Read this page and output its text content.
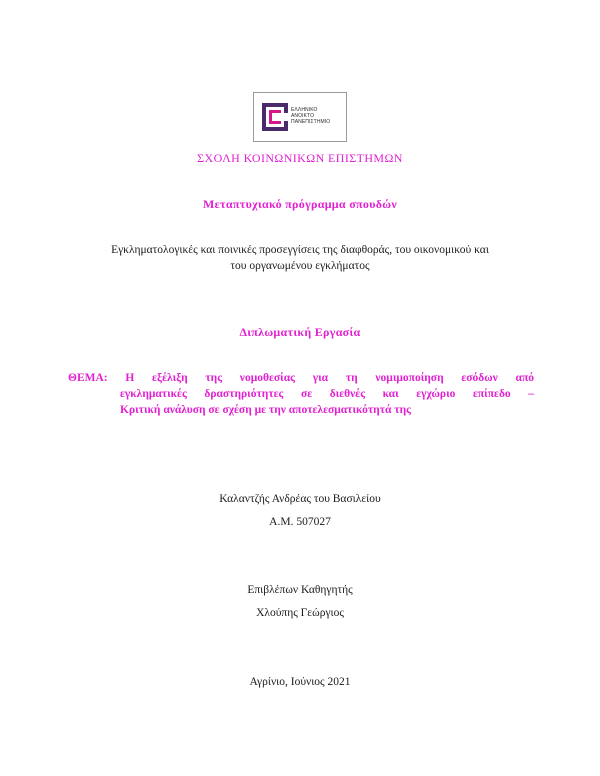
ΕΛΛΗΝΙΚΟ
ΑΝΟΙΚΤΟ
ΠΑΝΕΠΙΣΤΗΜΙΟ
ΣΧΟΛΗ ΚΟΙΝΩΝΙΚΩΝ ΕΠΙΣΤΗΜΩΝ
Μεταπτυχιακό πρόγραμμα σπουδών
Εγκληματολογικές και ποινικές προσεγγίσεις της διαφθοράς, του οικονομικού και
του οργανωμένου εγκλήματος
Διπλωματική Εργασία
ΘΕΜΑ: Η εξέλιξη της νομοθεσίας για τη νομιμοποίηση εσόδων από
εγκληματικές δραστηριότητες σε διεθνές και εγχώριο επίπεδο –
Κριτική ανάλυση σε σχέση με την αποτελεσματικότητά της
Καλαντζής Ανδρέας του Βασιλείου
Α.Μ. 507027
Επιβλέπων Καθηγητής
Χλούπης Γεώργιος
Αγρίνιο, Ιούνιος 2021
